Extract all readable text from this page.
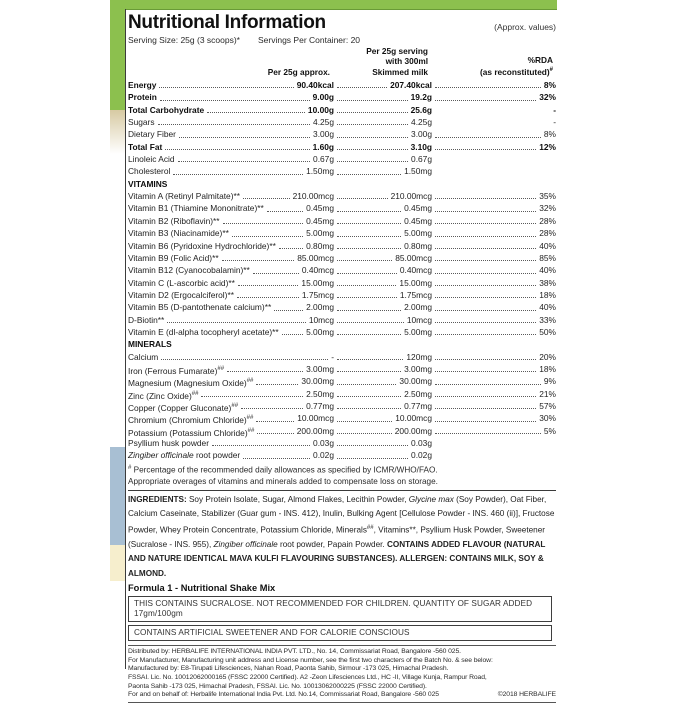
Nutritional Information	(Approx. values)
Serving Size: 25g (3 scoops)* Servings Per Container: 20
Per 25g approx.
Per 25g serving
with 300ml
Skimmed milk
%RDA
(as reconstituted)#
Energy	90.40kcal	207.40kcal	8%
Protein	9.00g	19.2g	32%
Total Carbohydrate	10.00g	25.6g	-
Sugars	4.25g	4.25g	-
Dietary Fiber	3.00g	3.00g	8%
Total Fat	1.60g	3.10g	12%
Linoleic Acid	0.67g	0.67g
Cholesterol	1.50mg	1.50mg
VITAMINS
Vitamin A (Retinyl Palmitate)**	210.00mcg	210.00mcg	35%
Vitamin B1 (Thiamine Mononitrate)**	0.45mg	0.45mg	32%
Vitamin B2 (Riboflavin)**	0.45mg	0.45mg	28%
Vitamin B3 (Niacinamide)**	5.00mg	5.00mg	28%
Vitamin B6 (Pyridoxine Hydrochloride)**	0.80mg	0.80mg	40%
Vitamin B9 (Folic Acid)**	85.00mcg	85.00mcg	85%
Vitamin B12 (Cyanocobalamin)**	0.40mcg	0.40mcg	40%
Vitamin C (L-ascorbic acid)**	15.00mg	15.00mg	38%
Vitamin D2 (Ergocalciferol)**	1.75mcg	1.75mcg	18%
Vitamin B5 (D-pantothenate calcium)**	2.00mg	2.00mg	40%
D-Biotin**	10mcg	10mcg	33%
Vitamin E (dl-alpha tocopheryl acetate)**	5.00mg	5.00mg	50%
MINERALS
Calcium	-	120mg	20%
Iron (Ferrous Fumarate)##	3.00mg	3.00mg	18%
Magnesium (Magnesium Oxide)##	30.00mg	30.00mg	9%
Zinc (Zinc Oxide)##	2.50mg	2.50mg	21%
Copper (Copper Gluconate)##	0.77mg	0.77mg	57%
Chromium (Chromium Chloride)##	10.00mcg	10.00mcg	30%
Potassium (Potassium Chloride)##	200.00mg	200.00mg	5%
Psyllium husk powder	0.03g	0.03g
Zingiber officinale root powder	0.02g	0.02g
# Percentage of the recommended daily allowances as specified by ICMR/WHO/FAO.
Appropriate overages of vitamins and minerals added to compensate loss on storage.
INGREDIENTS: Soy Protein Isolate, Sugar, Almond Flakes, Lecithin Powder, Glycine max (Soy Powder), Oat Fiber, Calcium Caseinate, Stabilizer (Guar gum - INS. 412), Inulin, Bulking Agent [Cellulose Powder - INS. 460 (ii)], Fructose Powder, Whey Protein Concentrate, Potassium Chloride, Minerals##, Vitamins**, Psyllium Husk Powder, Sweetener (Sucralose - INS. 955), Zingiber officinale root powder, Papain Powder. CONTAINS ADDED FLAVOUR (NATURAL AND NATURE IDENTICAL MAVA KULFI FLAVOURING SUBSTANCES). ALLERGEN: CONTAINS MILK, SOY & ALMOND.
Formula 1 - Nutritional Shake Mix
THIS CONTAINS SUCRALOSE. NOT RECOMMENDED FOR CHILDREN. QUANTITY OF SUGAR ADDED 17gm/100gm
CONTAINS ARTIFICIAL SWEETENER AND FOR CALORIE CONSCIOUS
Distributed by: HERBALIFE INTERNATIONAL INDIA PVT. LTD., No. 14, Commissariat Road, Bangalore -560 025.
For Manufacturer, Manufacturing unit address and License number, see the first two characters of the Batch No. & see below:
Manufactured by: E8-Tirupati Lifesciences, Nahan Road, Paonta Sahib, Sirmour -173 025, Himachal Pradesh.
FSSAI. Lic. No. 10012062000165 (FSSC 22000 Certified). A2 -Zeon Lifesciences Ltd., HC -II, Village Kunja, Rampur Road,
Paonta Sahib -173 025, Himachal Pradesh, FSSAI. Lic. No. 10013062000225 (FSSC 22000 Certified).
For and on behalf of: Herbalife International India Pvt. Ltd. No.14, Commissariat Road, Bangalore -560 025	©2018 HERBALIFE
